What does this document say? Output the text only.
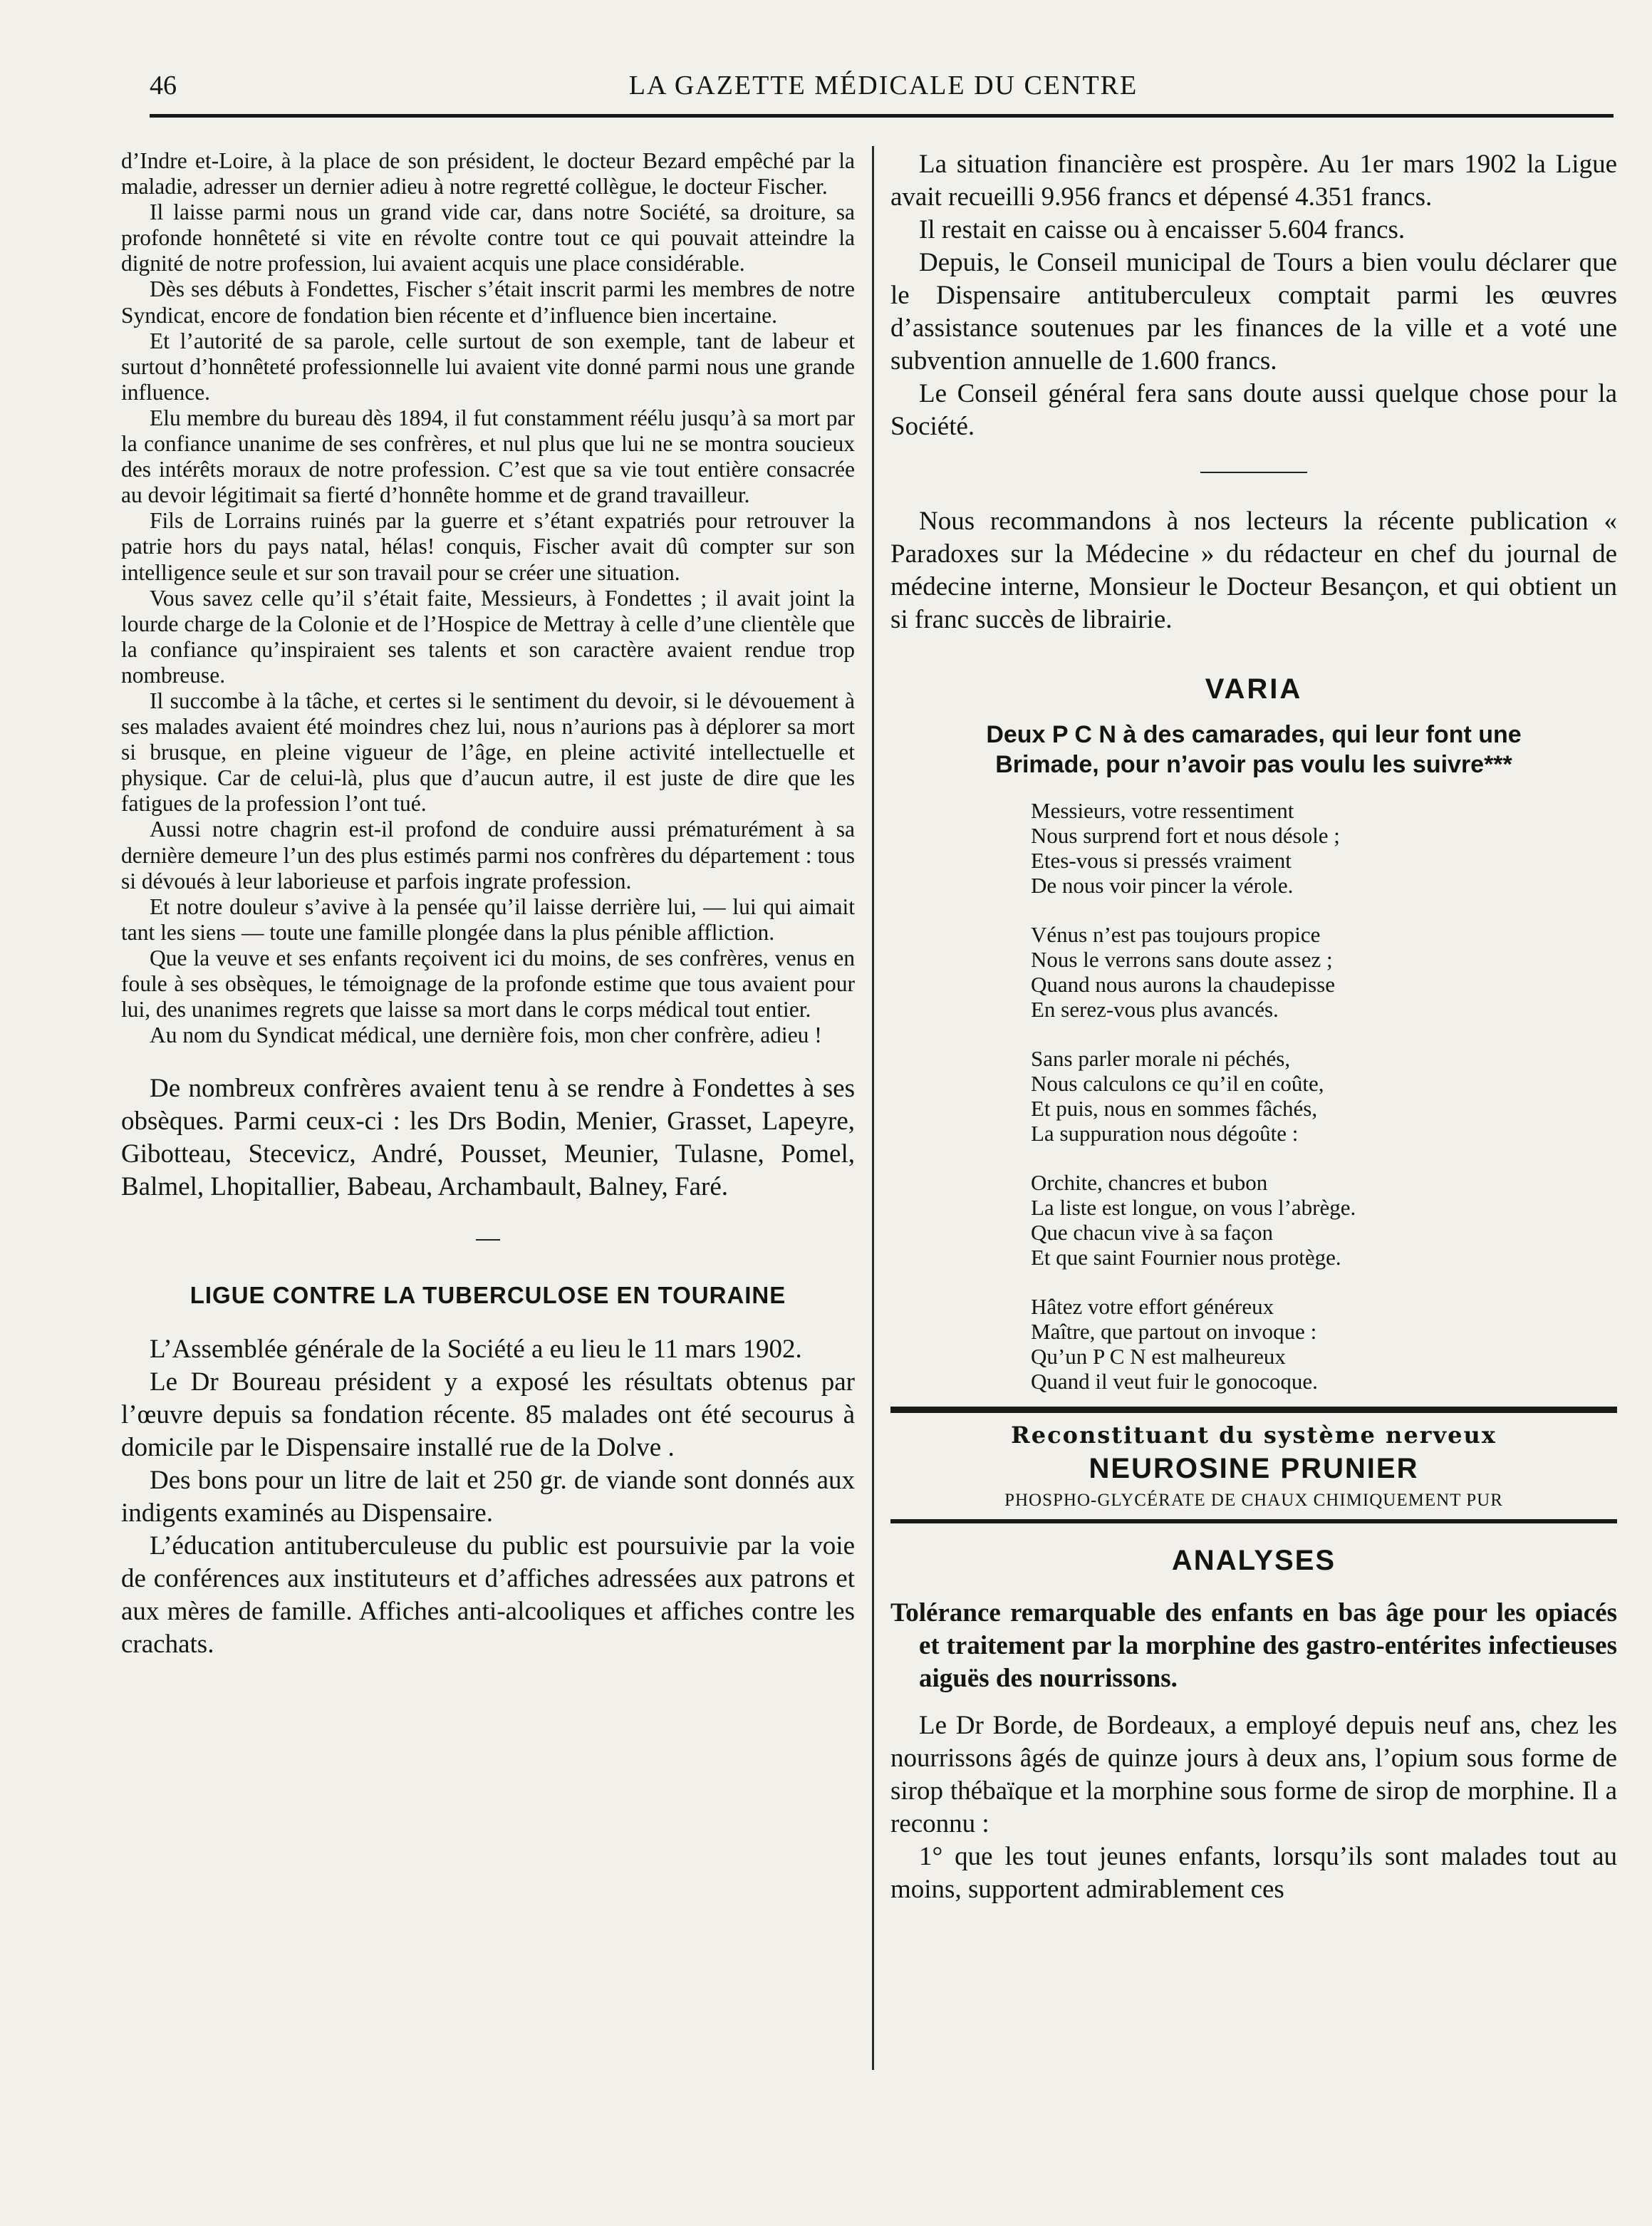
46	LA GAZETTE MÉDICALE DU CENTRE

d’Indre et-Loire, à la place de son président, le docteur Bezard empêché par la maladie, adresser un dernier adieu à notre regretté collègue, le docteur Fischer.

Il laisse parmi nous un grand vide car, dans notre Société, sa droiture, sa profonde honnêteté si vite en révolte contre tout ce qui pouvait atteindre la dignité de notre profession, lui avaient acquis une place considérable.

Dès ses débuts à Fondettes, Fischer s’était inscrit parmi les membres de notre Syndicat, encore de fondation bien récente et d’influence bien incertaine.

Et l’autorité de sa parole, celle surtout de son exemple, tant de labeur et surtout d’honnêteté professionnelle lui avaient vite donné parmi nous une grande influence.

Elu membre du bureau dès 1894, il fut constamment réélu jusqu’à sa mort par la confiance unanime de ses confrères, et nul plus que lui ne se montra soucieux des intérêts moraux de notre profession. C’est que sa vie tout entière consacrée au devoir légitimait sa fierté d’honnête homme et de grand travailleur.

Fils de Lorrains ruinés par la guerre et s’étant expatriés pour retrouver la patrie hors du pays natal, hélas! conquis, Fischer avait dû compter sur son intelligence seule et sur son travail pour se créer une situation.

Vous savez celle qu’il s’était faite, Messieurs, à Fondettes ; il avait joint la lourde charge de la Colonie et de l’Hospice de Mettray à celle d’une clientèle que la confiance qu’inspiraient ses talents et son caractère avaient rendue trop nombreuse.

Il succombe à la tâche, et certes si le sentiment du devoir, si le dévouement à ses malades avaient été moindres chez lui, nous n’aurions pas à déplorer sa mort si brusque, en pleine vigueur de l’âge, en pleine activité intellectuelle et physique. Car de celui-là, plus que d’aucun autre, il est juste de dire que les fatigues de la profession l’ont tué.

Aussi notre chagrin est-il profond de conduire aussi prématurément à sa dernière demeure l’un des plus estimés parmi nos confrères du département : tous si dévoués à leur laborieuse et parfois ingrate profession.

Et notre douleur s’avive à la pensée qu’il laisse derrière lui, — lui qui aimait tant les siens — toute une famille plongée dans la plus pénible affliction.

Que la veuve et ses enfants reçoivent ici du moins, de ses confrères, venus en foule à ses obsèques, le témoignage de la profonde estime que tous avaient pour lui, des unanimes regrets que laisse sa mort dans le corps médical tout entier.

Au nom du Syndicat médical, une dernière fois, mon cher confrère, adieu !

De nombreux confrères avaient tenu à se rendre à Fondettes à ses obsèques. Parmi ceux-ci : les Drs Bodin, Menier, Grasset, Lapeyre, Gibotteau, Stecevicz, André, Pousset, Meunier, Tulasne, Pomel, Balmel, Lhopitallier, Babeau, Archambault, Balney, Faré.

LIGUE CONTRE LA TUBERCULOSE EN TOURAINE

L’Assemblée générale de la Société a eu lieu le 11 mars 1902.

Le Dr Boureau président y a exposé les résultats obtenus par l’œuvre depuis sa fondation récente. 85 malades ont été secourus à domicile par le Dispensaire installé rue de la Dolve .

Des bons pour un litre de lait et 250 gr. de viande sont donnés aux indigents examinés au Dispensaire.

L’éducation antituberculeuse du public est poursuivie par la voie de conférences aux instituteurs et d’affiches adressées aux patrons et aux mères de famille. Affiches anti-alcooliques et affiches contre les crachats.

La situation financière est prospère. Au 1er mars 1902 la Ligue avait recueilli 9.956 francs et dépensé 4.351 francs.

Il restait en caisse ou à encaisser 5.604 francs.

Depuis, le Conseil municipal de Tours a bien voulu déclarer que le Dispensaire antituberculeux comptait parmi les œuvres d’assistance soutenues par les finances de la ville et a voté une subvention annuelle de 1.600 francs.

Le Conseil général fera sans doute aussi quelque chose pour la Société.

Nous recommandons à nos lecteurs la récente publication « Paradoxes sur la Médecine » du rédacteur en chef du journal de médecine interne, Monsieur le Docteur Besançon, et qui obtient un si franc succès de librairie.

VARIA

Deux P C N à des camarades, qui leur font une
Brimade, pour n’avoir pas voulu les suivre***

Messieurs, votre ressentiment
Nous surprend fort et nous désole ;
Etes-vous si pressés vraiment
De nous voir pincer la vérole.
Vénus n’est pas toujours propice
Nous le verrons sans doute assez ;
Quand nous aurons la chaudepisse
En serez-vous plus avancés.
Sans parler morale ni péchés,
Nous calculons ce qu’il en coûte,
Et puis, nous en sommes fâchés,
La suppuration nous dégoûte :
Orchite, chancres et bubon
La liste est longue, on vous l’abrège.
Que chacun vive à sa façon
Et que saint Fournier nous protège.
Hâtez votre effort généreux
Maître, que partout on invoque :
Qu’un P C N est malheureux
Quand il veut fuir le gonocoque.
Reconstituant du système nerveux
NEUROSINE PRUNIER
PHOSPHO-GLYCÉRATE DE CHAUX CHIMIQUEMENT PUR

ANALYSES

Tolérance remarquable des enfants en bas âge pour les opiacés et traitement par la morphine des gastro-entérites infectieuses aiguës des nourrissons.

Le Dr Borde, de Bordeaux, a employé depuis neuf ans, chez les nourrissons âgés de quinze jours à deux ans, l’opium sous forme de sirop thébaïque et la morphine sous forme de sirop de morphine. Il a reconnu :

1° que les tout jeunes enfants, lorsqu’ils sont malades tout au moins, supportent admirablement ces
